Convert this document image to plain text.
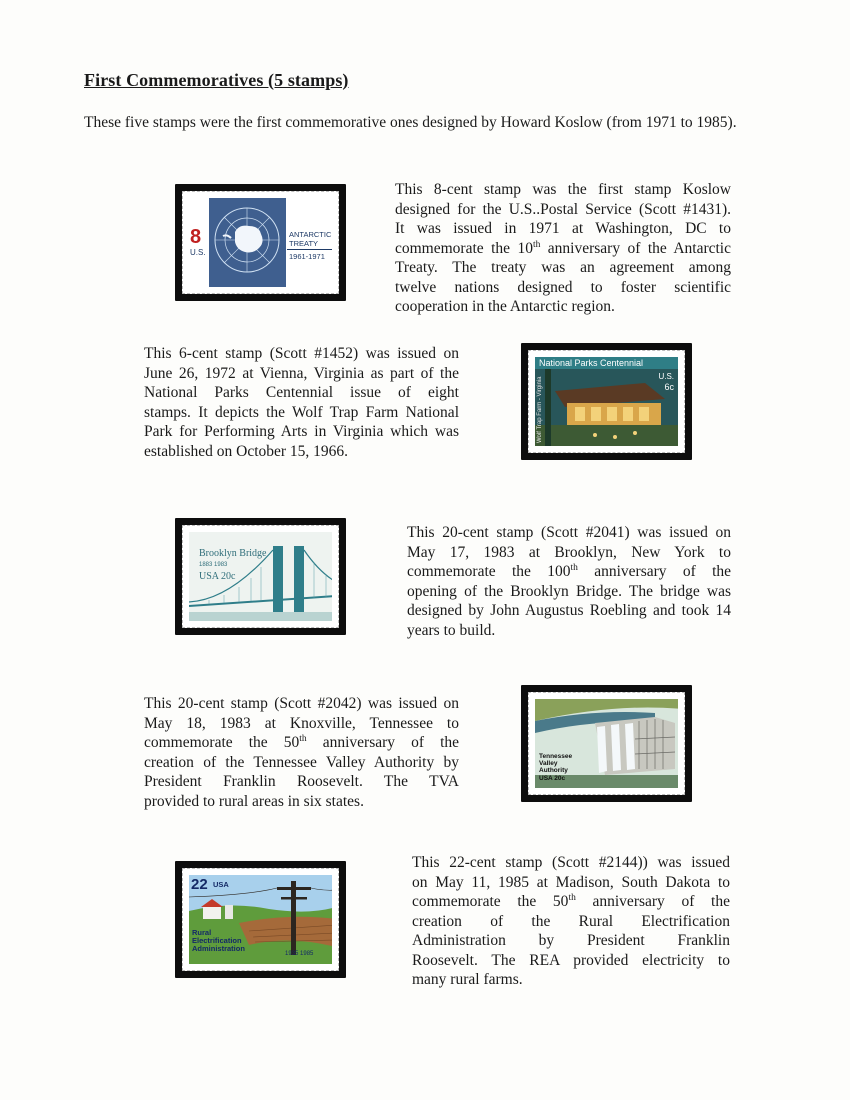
First Commemoratives (5 stamps)
These five stamps were the first commemorative ones designed by Howard Koslow (from 1971 to 1985).
8
U.S.
ANTARCTIC
TREATY
1961-1971
This 8-cent stamp was the first stamp Koslow
designed for the U.S..Postal Service (Scott #1431).
It was issued in 1971 at Washington, DC to
commemorate the 10th anniversary of the Antarctic
Treaty. The treaty was an agreement among
twelve nations designed to foster scientific
cooperation in the Antarctic region.
This 6-cent stamp (Scott #1452) was issued on
June 26, 1972 at Vienna, Virginia as part of the
National Parks Centennial issue of eight
stamps. It depicts the Wolf Trap Farm National
Park for Performing Arts in Virginia which was
established on October 15, 1966.
National Parks Centennial
Wolf Trap Farm - Virginia
U.S.
6c
Brooklyn Bridge
1883 1983
USA 20c
This 20-cent stamp (Scott #2041) was issued on
May 17, 1983 at Brooklyn, New York to
commemorate the 100th anniversary of the
opening of the Brooklyn Bridge. The bridge was
designed by John Augustus Roebling and took 14
years to build.
This 20-cent stamp (Scott #2042) was issued on
May 18, 1983 at Knoxville, Tennessee to
commemorate the 50th anniversary of the
creation of the Tennessee Valley Authority by
President Franklin Roosevelt. The TVA
provided to rural areas in six states.
Tennessee
Valley
Authority
USA 20c
22 USA
Rural
Electrification
Administration
1935 1985
This 22-cent stamp (Scott #2144)) was issued
on May 11, 1985 at Madison, South Dakota to
commemorate the 50th anniversary of the
creation of the Rural Electrification
Administration by President Franklin
Roosevelt. The REA provided electricity to
many rural farms.
